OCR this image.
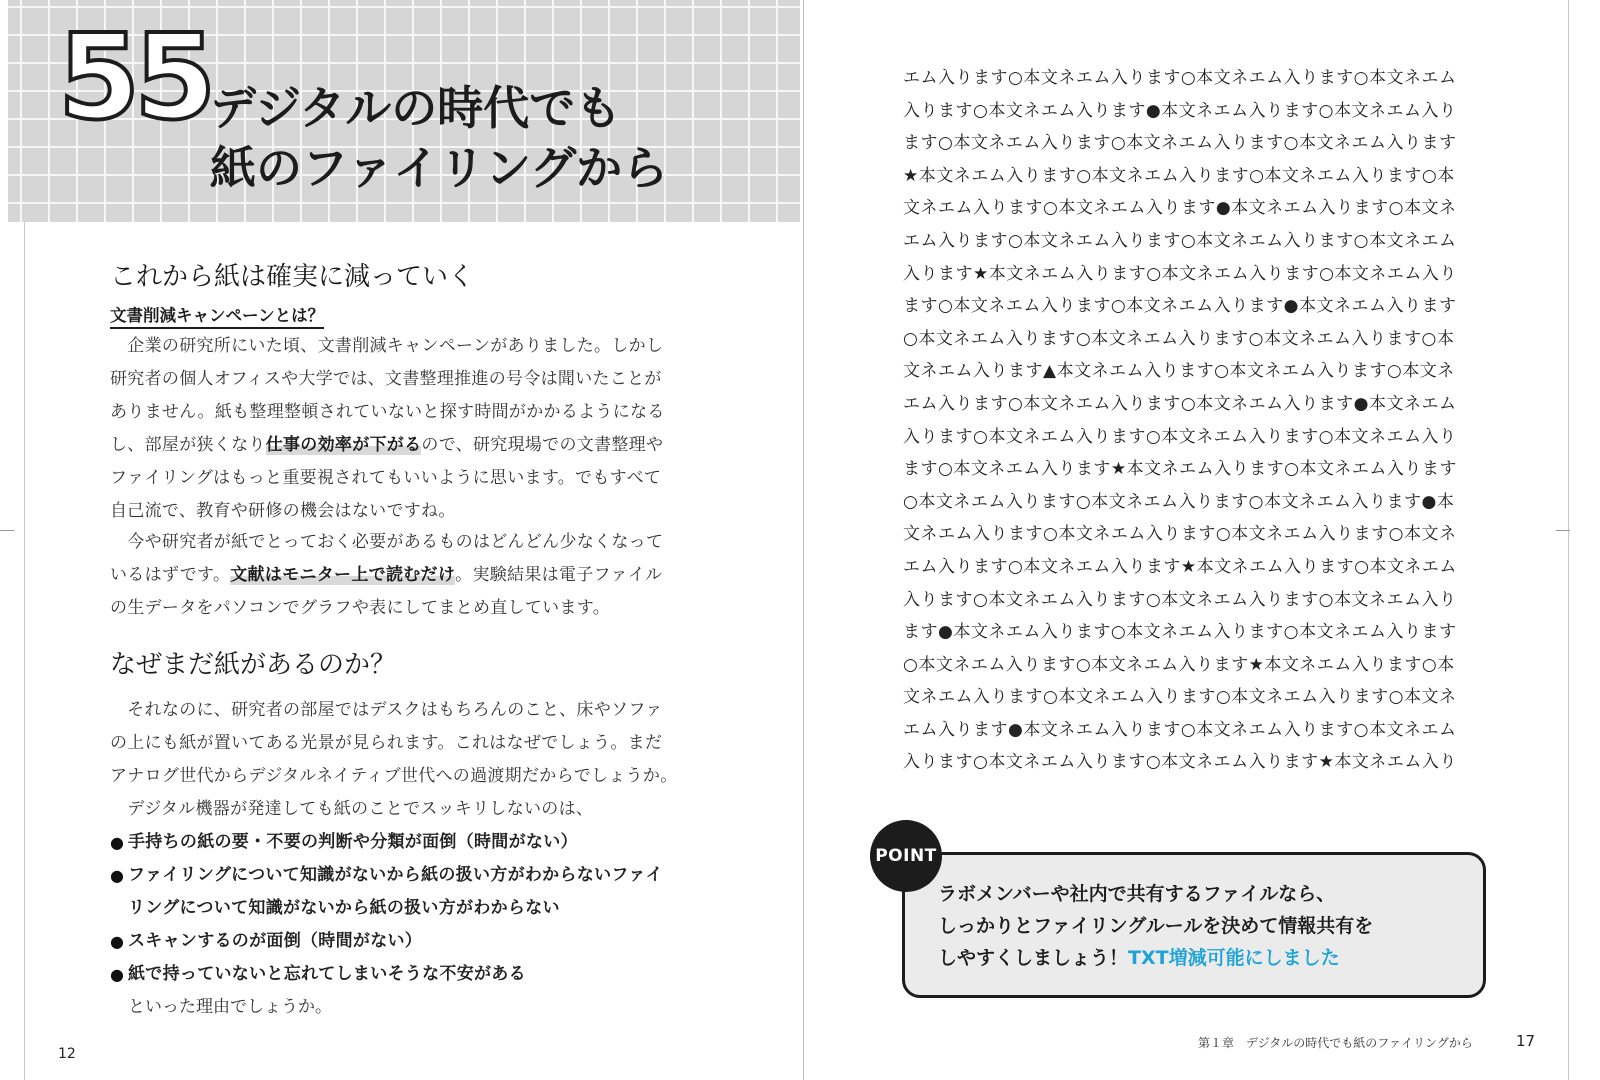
55 デジタルの時代でも
紙のファイリングから
これから紙は確実に減っていく
文書削減キャンペーンとは？
　企業の研究所にいた頃、文書削減キャンペーンがありました。しかし
研究者の個人オフィスや大学では、文書整理推進の号令は聞いたことが
ありません。紙も整理整頓されていないと探す時間がかかるようになる
し、部屋が狭くなり仕事の効率が下がるので、研究現場での文書整理や
ファイリングはもっと重要視されてもいいように思います。でもすべて
自己流で、教育や研修の機会はないですね。
　今や研究者が紙でとっておく必要があるものはどんどん少なくなって
いるはずです。文献はモニター上で読むだけ。実験結果は電子ファイル
の生データをパソコンでグラフや表にしてまとめ直しています。
なぜまだ紙があるのか？
　それなのに、研究者の部屋ではデスクはもちろんのこと、床やソファ
の上にも紙が置いてある光景が見られます。これはなぜでしょう。まだ
アナログ世代からデジタルネイティブ世代への過渡期だからでしょうか。
　デジタル機器が発達しても紙のことでスッキリしないのは、
● 手持ちの紙の要・不要の判断や分類が面倒（時間がない）
● ファイリングについて知識がないから紙の扱い方がわからないファイ
リングについて知識がないから紙の扱い方がわからない
● スキャンするのが面倒（時間がない）
● 紙で持っていないと忘れてしまいそうな不安がある
といった理由でしょうか。
12
エム入ります○本文ネエム入ります○本文ネエム入ります○本文ネエム
入ります○本文ネエム入ります●本文ネエム入ります○本文ネエム入り
ます○本文ネエム入ります○本文ネエム入ります○本文ネエム入ります
★本文ネエム入ります○本文ネエム入ります○本文ネエム入ります○本
文ネエム入ります○本文ネエム入ります●本文ネエム入ります○本文ネ
エム入ります○本文ネエム入ります○本文ネエム入ります○本文ネエム
入ります★本文ネエム入ります○本文ネエム入ります○本文ネエム入り
ます○本文ネエム入ります○本文ネエム入ります●本文ネエム入ります
○本文ネエム入ります○本文ネエム入ります○本文ネエム入ります○本
文ネエム入ります▲本文ネエム入ります○本文ネエム入ります○本文ネ
エム入ります○本文ネエム入ります○本文ネエム入ります●本文ネエム
入ります○本文ネエム入ります○本文ネエム入ります○本文ネエム入り
ます○本文ネエム入ります★本文ネエム入ります○本文ネエム入ります
○本文ネエム入ります○本文ネエム入ります○本文ネエム入ります●本
文ネエム入ります○本文ネエム入ります○本文ネエム入ります○本文ネ
エム入ります○本文ネエム入ります★本文ネエム入ります○本文ネエム
入ります○本文ネエム入ります○本文ネエム入ります○本文ネエム入り
ます●本文ネエム入ります○本文ネエム入ります○本文ネエム入ります
○本文ネエム入ります○本文ネエム入ります★本文ネエム入ります○本
文ネエム入ります○本文ネエム入ります○本文ネエム入ります○本文ネ
エム入ります●本文ネエム入ります○本文ネエム入ります○本文ネエム
入ります○本文ネエム入ります○本文ネエム入ります★本文ネエム入り
POINT
ラボメンバーや社内で共有するファイルなら、
しっかりとファイリングルールを決めて情報共有を
しやすくしましょう！TXT増減可能にしました
第１章　デジタルの時代でも紙のファイリングから	17
